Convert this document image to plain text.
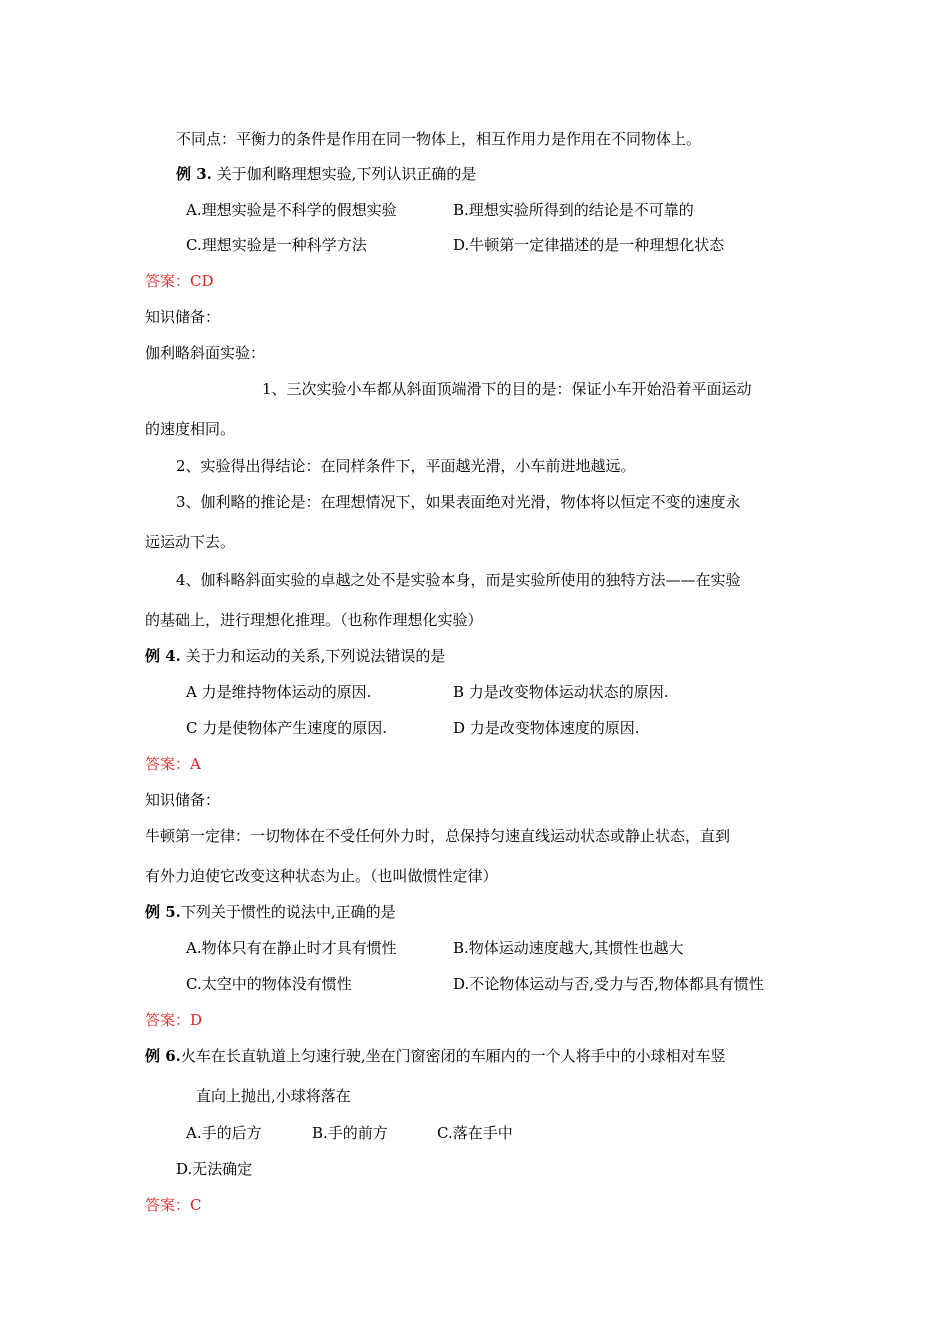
不同点：平衡力的条件是作用在同一物体上，相互作用力是作用在不同物体上。
例 3. 关于伽利略理想实验,下列认识正确的是
A.理想实验是不科学的假想实验	B.理想实验所得到的结论是不可靠的
C.理想实验是一种科学方法	D.牛顿第一定律描述的是一种理想化状态
答案：CD
知识储备：
伽利略斜面实验：
1、三次实验小车都从斜面顶端滑下的目的是：保证小车开始沿着平面运动
的速度相同。
2、实验得出得结论：在同样条件下，平面越光滑，小车前进地越远。
3、伽利略的推论是：在理想情况下，如果表面绝对光滑，物体将以恒定不变的速度永
远运动下去。
4、伽科略斜面实验的卓越之处不是实验本身，而是实验所使用的独特方法——在实验
的基础上，进行理想化推理。（也称作理想化实验）
例 4. 关于力和运动的关系,下列说法错误的是
A 力是维持物体运动的原因.	B 力是改变物体运动状态的原因.
C 力是使物体产生速度的原因.	D 力是改变物体速度的原因.
答案：A
知识储备：
牛顿第一定律：一切物体在不受任何外力时，总保持匀速直线运动状态或静止状态，直到
有外力迫使它改变这种状态为止。（也叫做惯性定律）
例 5.下列关于惯性的说法中,正确的是
A.物体只有在静止时才具有惯性	B.物体运动速度越大,其惯性也越大
C.太空中的物体没有惯性	D.不论物体运动与否,受力与否,物体都具有惯性
答案：D
例 6.火车在长直轨道上匀速行驶,坐在门窗密闭的车厢内的一个人将手中的小球相对车竖
直向上抛出,小球将落在
A.手的后方	B.手的前方	C.落在手中
D.无法确定
答案：C
